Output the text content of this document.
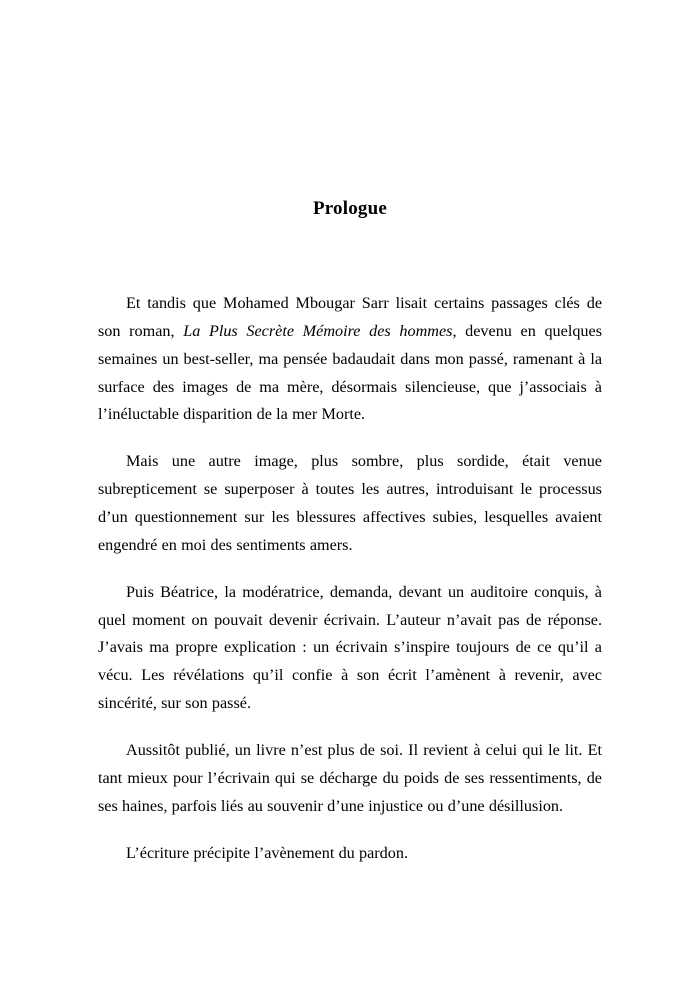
Prologue

Et tandis que Mohamed Mbougar Sarr lisait certains passages clés de son roman, La Plus Secrète Mémoire des hommes, devenu en quelques semaines un best-seller, ma pensée badaudait dans mon passé, ramenant à la surface des images de ma mère, désormais silencieuse, que j’associais à l’inéluctable disparition de la mer Morte.

Mais une autre image, plus sombre, plus sordide, était venue subrepticement se superposer à toutes les autres, introduisant le processus d’un questionnement sur les blessures affectives subies, lesquelles avaient engendré en moi des sentiments amers.

Puis Béatrice, la modératrice, demanda, devant un auditoire conquis, à quel moment on pouvait devenir écrivain. L’auteur n’avait pas de réponse. J’avais ma propre explication : un écrivain s’inspire toujours de ce qu’il a vécu. Les révélations qu’il confie à son écrit l’amènent à revenir, avec sincérité, sur son passé.

Aussitôt publié, un livre n’est plus de soi. Il revient à celui qui le lit. Et tant mieux pour l’écrivain qui se décharge du poids de ses ressentiments, de ses haines, parfois liés au souvenir d’une injustice ou d’une désillusion.

L’écriture précipite l’avènement du pardon.
